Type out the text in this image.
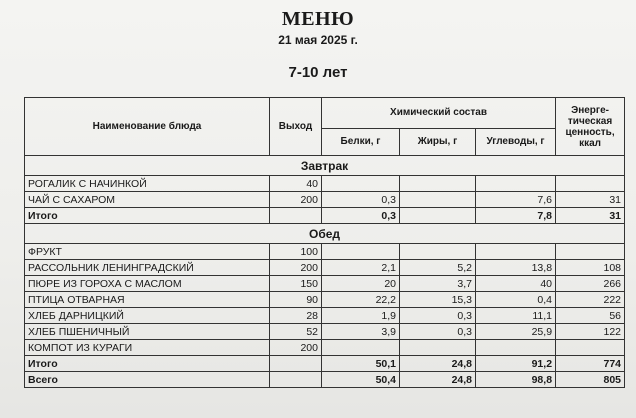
МЕНЮ
21 мая 2025 г.
7-10 лет
Наименование блюда	Выход	Химический состав			Энерге-тическая ценность, ккал
		Белки, г	Жиры, г	Углеводы, г	
Завтрак					
РОГАЛИК С НАЧИНКОЙ	40				
ЧАЙ С САХАРОМ	200	0,3		7,6	31
Итого		0,3		7,8	31
Обед					
ФРУКТ	100				
РАССОЛЬНИК ЛЕНИНГРАДСКИЙ	200	2,1	5,2	13,8	108
ПЮРЕ ИЗ ГОРОХА С МАСЛОМ	150	20	3,7	40	266
ПТИЦА ОТВАРНАЯ	90	22,2	15,3	0,4	222
ХЛЕБ ДАРНИЦКИЙ	28	1,9	0,3	11,1	56
ХЛЕБ ПШЕНИЧНЫЙ	52	3,9	0,3	25,9	122
КОМПОТ ИЗ КУРАГИ	200				
Итого		50,1	24,8	91,2	774
Всего		50,4	24,8	98,8	805
